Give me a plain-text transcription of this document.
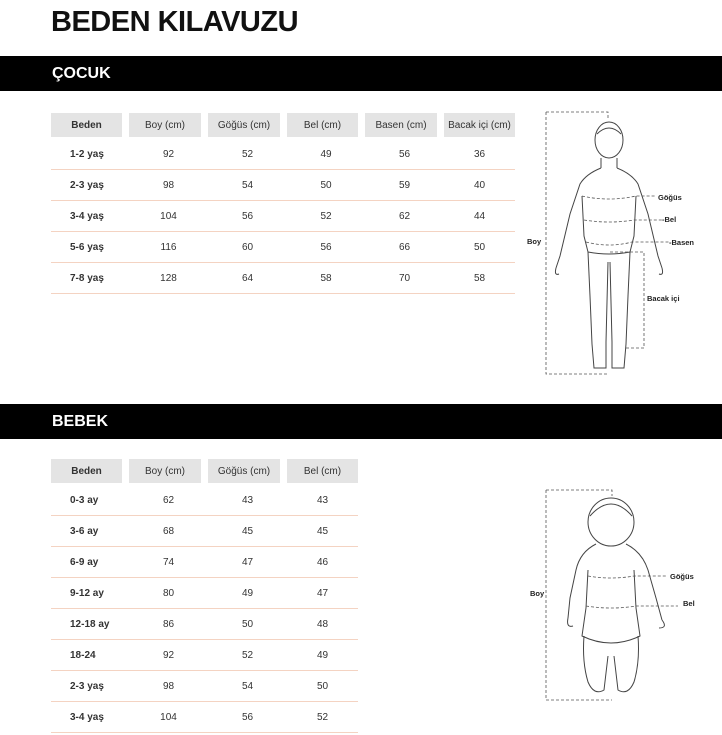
BEDEN KILAVUZU
ÇOCUK
Beden	Boy (cm)	Göğüs (cm)	Bel (cm)	Basen (cm)	Bacak içi (cm)
1-2 yaş	92	52	49	56	36
2-3 yaş	98	54	50	59	40
3-4 yaş	104	56	52	62	44
5-6 yaş	116	60	56	66	50
7-8 yaş	128	64	58	70	58
Göğüs
-Bel
-Basen
Boy
Bacak içi
BEBEK
Beden	Boy (cm)	Göğüs (cm)	Bel (cm)
0-3 ay	62	43	43
3-6 ay	68	45	45
6-9 ay	74	47	46
9-12 ay	80	49	47
12-18 ay	86	50	48
18-24	92	52	49
2-3 yaş	98	54	50
3-4 yaş	104	56	52
Göğüs
Bel
Boy
